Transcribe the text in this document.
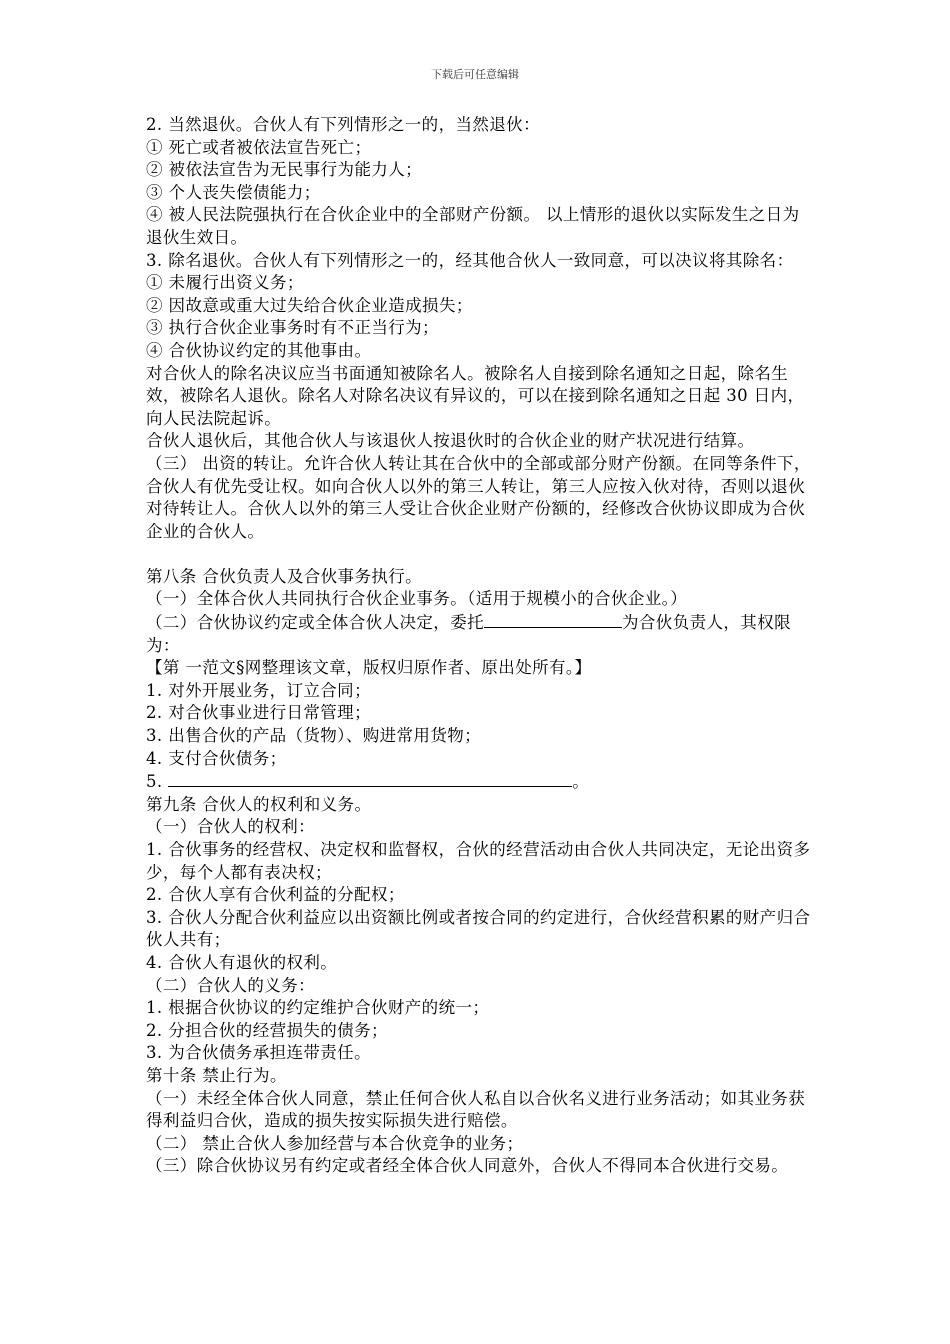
下载后可任意编辑

2. 当然退伙。合伙人有下列情形之一的，当然退伙：

① 死亡或者被依法宣告死亡；

② 被依法宣告为无民事行为能力人；

③ 个人丧失偿债能力；

④ 被人民法院强执行在合伙企业中的全部财产份额。 以上情形的退伙以实际发生之日为退伙生效日。

3. 除名退伙。合伙人有下列情形之一的，经其他合伙人一致同意，可以决议将其除名：

① 未履行出资义务；

② 因故意或重大过失给合伙企业造成损失；

③ 执行合伙企业事务时有不正当行为；

④ 合伙协议约定的其他事由。

对合伙人的除名决议应当书面通知被除名人。被除名人自接到除名通知之日起，除名生效，被除名人退伙。除名人对除名决议有异议的，可以在接到除名通知之日起 30 日内，向人民法院起诉。

合伙人退伙后，其他合伙人与该退伙人按退伙时的合伙企业的财产状况进行结算。

（三） 出资的转让。允许合伙人转让其在合伙中的全部或部分财产份额。在同等条件下，合伙人有优先受让权。如向合伙人以外的第三人转让，第三人应按入伙对待，否则以退伙对待转让人。合伙人以外的第三人受让合伙企业财产份额的，经修改合伙协议即成为合伙企业的合伙人。

第八条 合伙负责人及合伙事务执行。

（一）全体合伙人共同执行合伙企业事务。（适用于规模小的合伙企业。）

（二）合伙协议约定或全体合伙人决定，委托	为合伙负责人，其权限为：

【第 一范文§网整理该文章，版权归原作者、原出处所有。】

1. 对外开展业务，订立合同；

2. 对合伙事业进行日常管理；

3. 出售合伙的产品（货物）、购进常用货物；

4. 支付合伙债务；

5.	。

第九条 合伙人的权利和义务。

（一）合伙人的权利：

1. 合伙事务的经营权、决定权和监督权，合伙的经营活动由合伙人共同决定，无论出资多少，每个人都有表决权；

2. 合伙人享有合伙利益的分配权；

3. 合伙人分配合伙利益应以出资额比例或者按合同的约定进行，合伙经营积累的财产归合伙人共有；

4. 合伙人有退伙的权利。

（二）合伙人的义务：

1. 根据合伙协议的约定维护合伙财产的统一；

2. 分担合伙的经营损失的债务；

3. 为合伙债务承担连带责任。

第十条 禁止行为。

（一）未经全体合伙人同意，禁止任何合伙人私自以合伙名义进行业务活动；如其业务获得利益归合伙，造成的损失按实际损失进行赔偿。

（二） 禁止合伙人参加经营与本合伙竞争的业务；

（三）除合伙协议另有约定或者经全体合伙人同意外，合伙人不得同本合伙进行交易。
